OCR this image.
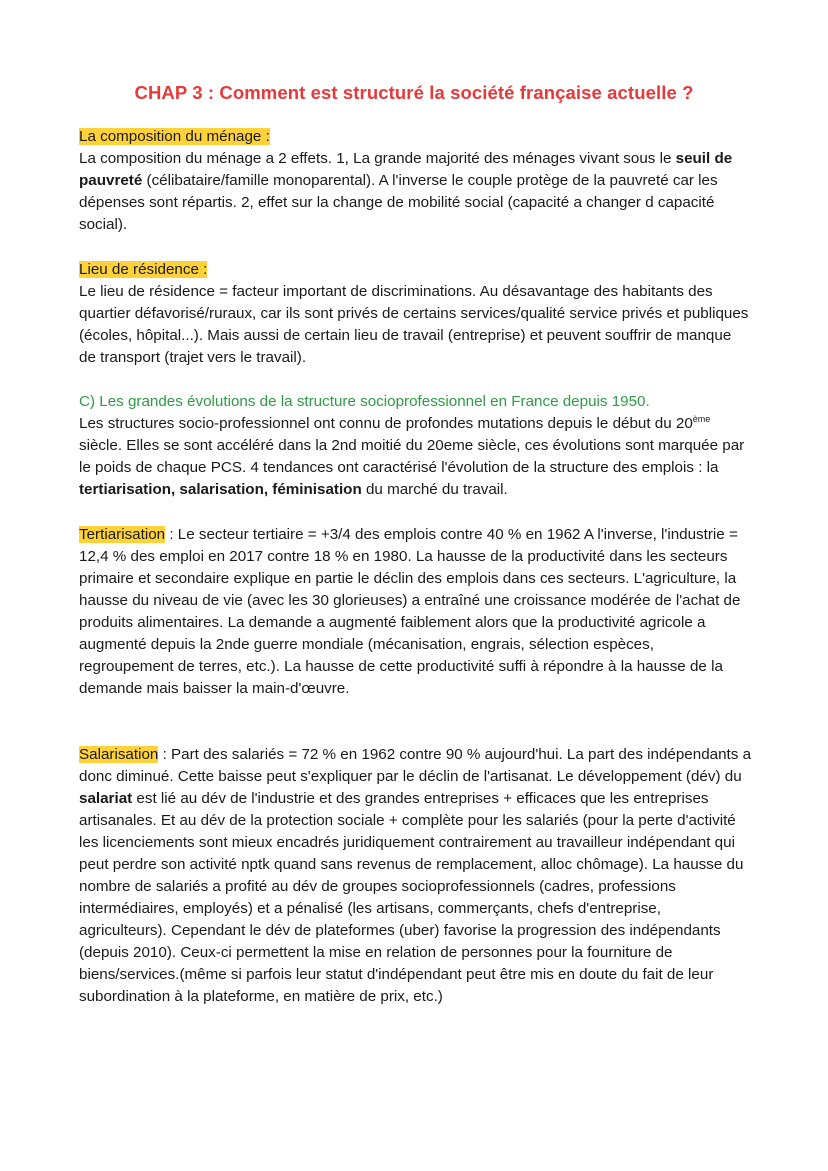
CHAP 3 : Comment est structuré la société française actuelle ?

La composition du ménage :

La composition du ménage a 2 effets. 1, La grande majorité des ménages vivant sous le seuil de pauvreté (célibataire/famille monoparental). A l'inverse le couple protège de la pauvreté car les dépenses sont répartis. 2, effet sur la change de mobilité social (capacité a changer d capacité social).

Lieu de résidence :

Le lieu de résidence = facteur important de discriminations. Au désavantage des habitants des quartier défavorisé/ruraux, car ils sont privés de certains services/qualité service privés et publiques (écoles, hôpital...). Mais aussi de certain lieu de travail (entreprise) et peuvent souffrir de manque de transport (trajet vers le travail).

C) Les grandes évolutions de la structure socioprofessionnel en France depuis 1950.

Les structures socio-professionnel ont connu de profondes mutations depuis le début du 20ème siècle. Elles se sont accéléré dans la 2nd moitié du 20eme siècle, ces évolutions sont marquée par le poids de chaque PCS. 4 tendances ont caractérisé l'évolution de la structure des emplois : la tertiarisation, salarisation, féminisation du marché du travail.

Tertiarisation : Le secteur tertiaire = +3/4 des emplois contre 40 % en 1962 A l'inverse, l'industrie = 12,4 % des emploi en 2017 contre 18 % en 1980. La hausse de la productivité dans les secteurs primaire et secondaire explique en partie le déclin des emplois dans ces secteurs. L'agriculture, la hausse du niveau de vie (avec les 30 glorieuses) a entraîné une croissance modérée de l'achat de produits alimentaires. La demande a augmenté faiblement alors que la productivité agricole a augmenté depuis la 2nde guerre mondiale (mécanisation, engrais, sélection espèces, regroupement de terres, etc.). La hausse de cette productivité suffi à répondre à la hausse de la demande mais baisser la main-d'œuvre.

Salarisation : Part des salariés = 72 % en 1962 contre 90 % aujourd'hui. La part des indépendants a donc diminué. Cette baisse peut s'expliquer par le déclin de l'artisanat. Le développement (dév) du salariat est lié au dév de l'industrie et des grandes entreprises + efficaces que les entreprises artisanales. Et au dév de la protection sociale + complète pour les salariés (pour la perte d'activité les licenciements sont mieux encadrés juridiquement contrairement au travailleur indépendant qui peut perdre son activité nptk quand sans revenus de remplacement, alloc chômage). La hausse du nombre de salariés a profité au dév de groupes socioprofessionnels (cadres, professions intermédiaires, employés) et a pénalisé (les artisans, commerçants, chefs d'entreprise, agriculteurs). Cependant le dév de plateformes (uber) favorise la progression des indépendants (depuis 2010). Ceux-ci permettent la mise en relation de personnes pour la fourniture de biens/services.(même si parfois leur statut d'indépendant peut être mis en doute du fait de leur subordination à la plateforme, en matière de prix, etc.)
